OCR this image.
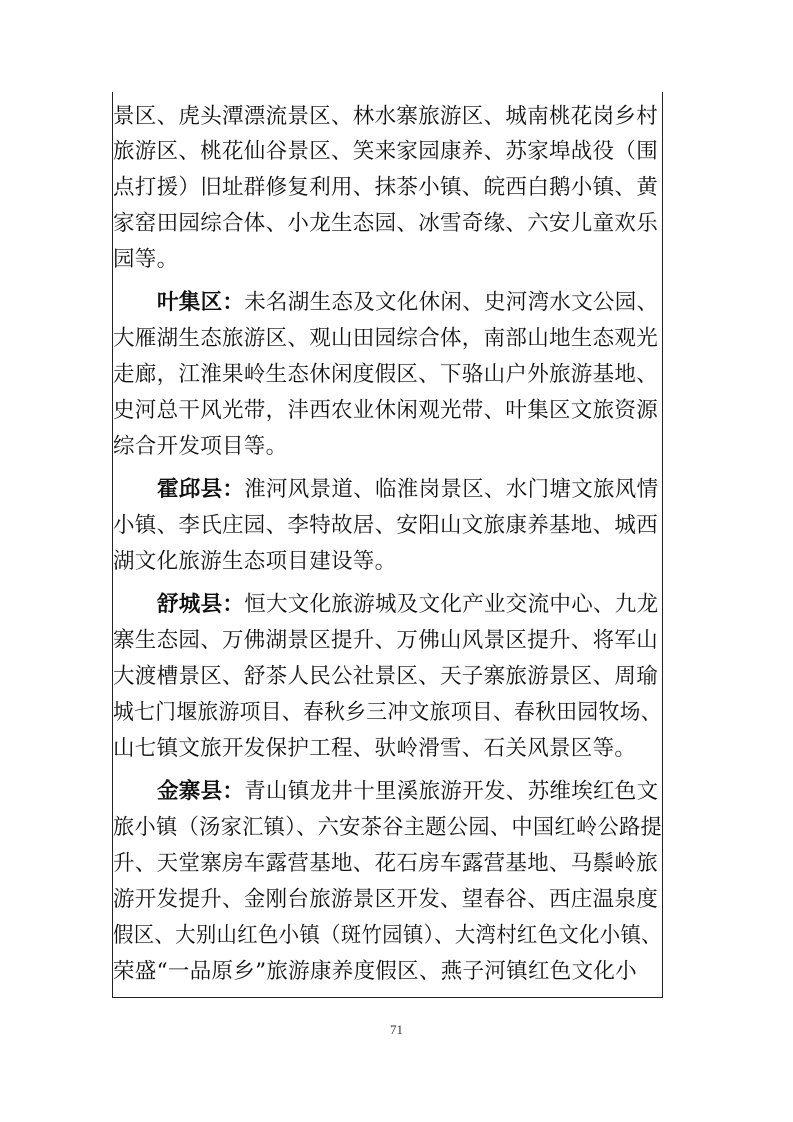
景区、虎头潭漂流景区、林水寨旅游区、城南桃花岗乡村
旅游区、桃花仙谷景区、笑来家园康养、苏家埠战役（围
点打援）旧址群修复利用、抹茶小镇、皖西白鹅小镇、黄
家窑田园综合体、小龙生态园、冰雪奇缘、六安儿童欢乐
园等。
叶集区：未名湖生态及文化休闲、史河湾水文公园、
大雁湖生态旅游区、观山田园综合体，南部山地生态观光
走廊，江淮果岭生态休闲度假区、下骆山户外旅游基地、
史河总干风光带，沣西农业休闲观光带、叶集区文旅资源
综合开发项目等。
霍邱县：淮河风景道、临淮岗景区、水门塘文旅风情
小镇、李氏庄园、李特故居、安阳山文旅康养基地、城西
湖文化旅游生态项目建设等。
舒城县：恒大文化旅游城及文化产业交流中心、九龙
寨生态园、万佛湖景区提升、万佛山风景区提升、将军山
大渡槽景区、舒茶人民公社景区、天子寨旅游景区、周瑜
城七门堰旅游项目、春秋乡三冲文旅项目、春秋田园牧场、
山七镇文旅开发保护工程、驮岭滑雪、石关风景区等。
金寨县：青山镇龙井十里溪旅游开发、苏维埃红色文
旅小镇（汤家汇镇）、六安茶谷主题公园、中国红岭公路提
升、天堂寨房车露营基地、花石房车露营基地、马鬃岭旅
游开发提升、金刚台旅游景区开发、望春谷、西庄温泉度
假区、大别山红色小镇（斑竹园镇）、大湾村红色文化小镇、
荣盛“一品原乡”旅游康养度假区、燕子河镇红色文化小
71
